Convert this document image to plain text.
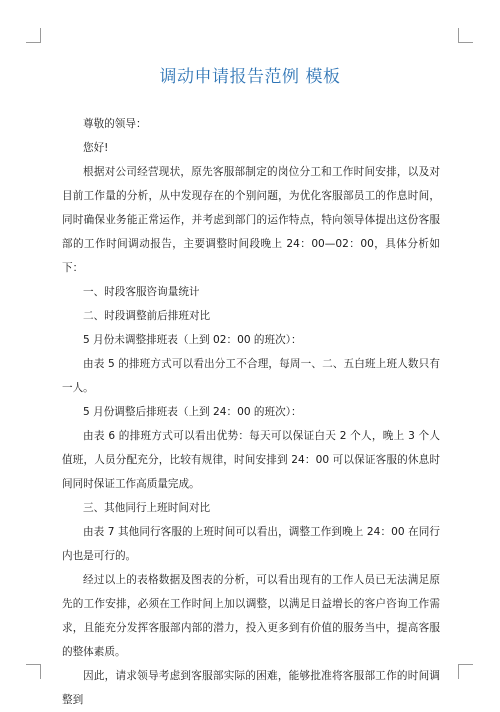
调动申请报告范例 模板

尊敬的领导：

您好!

根据对公司经营现状，原先客服部制定的岗位分工和工作时间安排，以及对目前工作量的分析，从中发现存在的个别问题，为优化客服部员工的作息时间，同时确保业务能正常运作，并考虑到部门的运作特点，特向领导体提出这份客服部的工作时间调动报告，主要调整时间段晚上 24：00—02：00，具体分析如下：

一、时段客服咨询量统计

二、时段调整前后排班对比

5 月份未调整排班表（上到 02：00 的班次）：

由表 5 的排班方式可以看出分工不合理，每周一、二、五白班上班人数只有一人。

5 月份调整后排班表（上到 24：00 的班次）：

由表 6 的排班方式可以看出优势：每天可以保证白天 2 个人，晚上 3 个人值班，人员分配充分，比较有规律，时间安排到 24：00 可以保证客服的休息时间同时保证工作高质量完成。

三、其他同行上班时间对比

由表 7 其他同行客服的上班时间可以看出，调整工作到晚上 24：00 在同行内也是可行的。

经过以上的表格数据及图表的分析，可以看出现有的工作人员已无法满足原先的工作安排，必须在工作时间上加以调整，以满足日益增长的客户咨询工作需求，且能充分发挥客服部内部的潜力，投入更多到有价值的服务当中，提高客服的整体素质。

因此，请求领导考虑到客服部实际的困难，能够批准将客服部工作的时间调整到
